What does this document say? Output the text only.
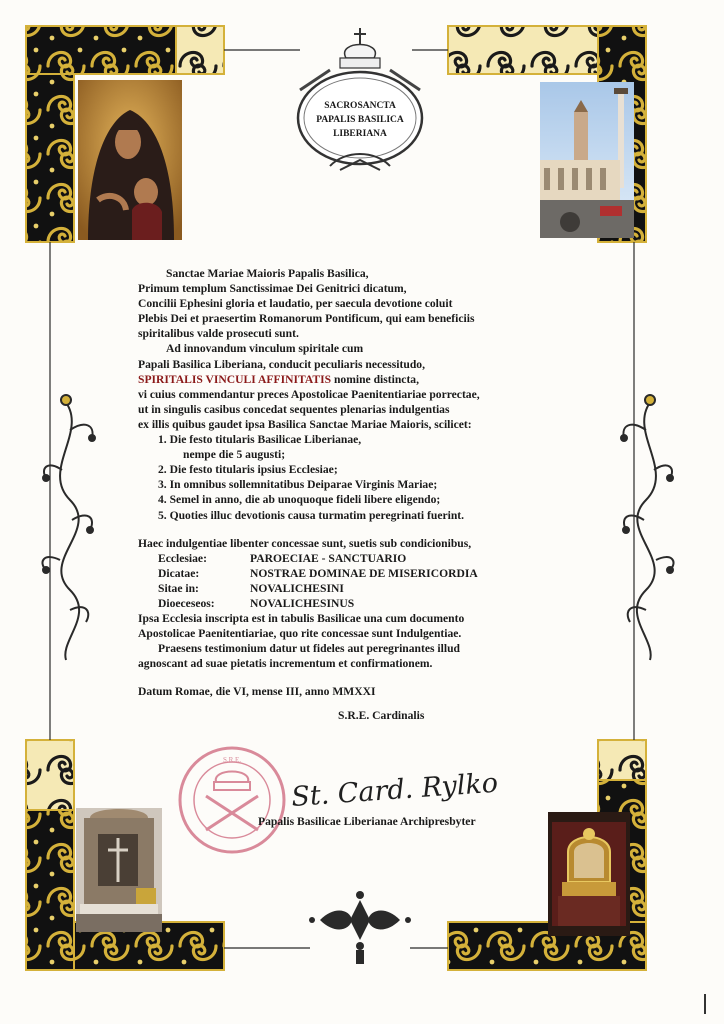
S.R.E.
SACROSANCTA
PAPALIS BASILICA
LIBERIANA
Sanctae Mariae Maioris Papalis Basilica,
Primum templum Sanctissimae Dei Genitrici dicatum,
Concilii Ephesini gloria et laudatio, per saecula devotione coluit
Plebis Dei et praesertim Romanorum Pontificum, qui eam beneficiis
spiritalibus valde prosecuti sunt.
Ad innovandum vinculum spiritale cum
Papali Basilica Liberiana, conducit peculiaris necessitudo,
SPIRITALIS VINCULI AFFINITATIS nomine distincta,
vi cuius commendantur preces Apostolicae Paenitentiariae porrectae,
ut in singulis casibus concedat sequentes plenarias indulgentias
ex illis quibus gaudet ipsa Basilica Sanctae Mariae Maioris, scilicet:
1. Die festo titularis Basilicae Liberianae,
nempe die 5 augusti;
2. Die festo titularis ipsius Ecclesiae;
3. In omnibus sollemnitatibus Deiparae Virginis Mariae;
4. Semel in anno, die ab unoquoque fideli libere eligendo;
5. Quoties illuc devotionis causa turmatim peregrinati fuerint.
Haec indulgentiae libenter concessae sunt, suetis sub condicionibus,
Ecclesiae:	PAROECIAE - SANCTUARIO
Dicatae:	NOSTRAE DOMINAE DE MISERICORDIA
Sitae in:	NOVALICHESINI
Dioeceseos:	NOVALICHESINUS
Ipsa Ecclesia inscripta est in tabulis Basilicae una cum documento
Apostolicae Paenitentiariae, quo rite concessae sunt Indulgentiae.
Praesens testimonium datur ut fideles aut peregrinantes illud
agnoscant ad suae pietatis incrementum et confirmationem.
Datum Romae, die VI, mense III, anno MMXXI
S.R.E. Cardinalis
St. Card. Rylko
Papalis Basilicae Liberianae Archipresbyter
